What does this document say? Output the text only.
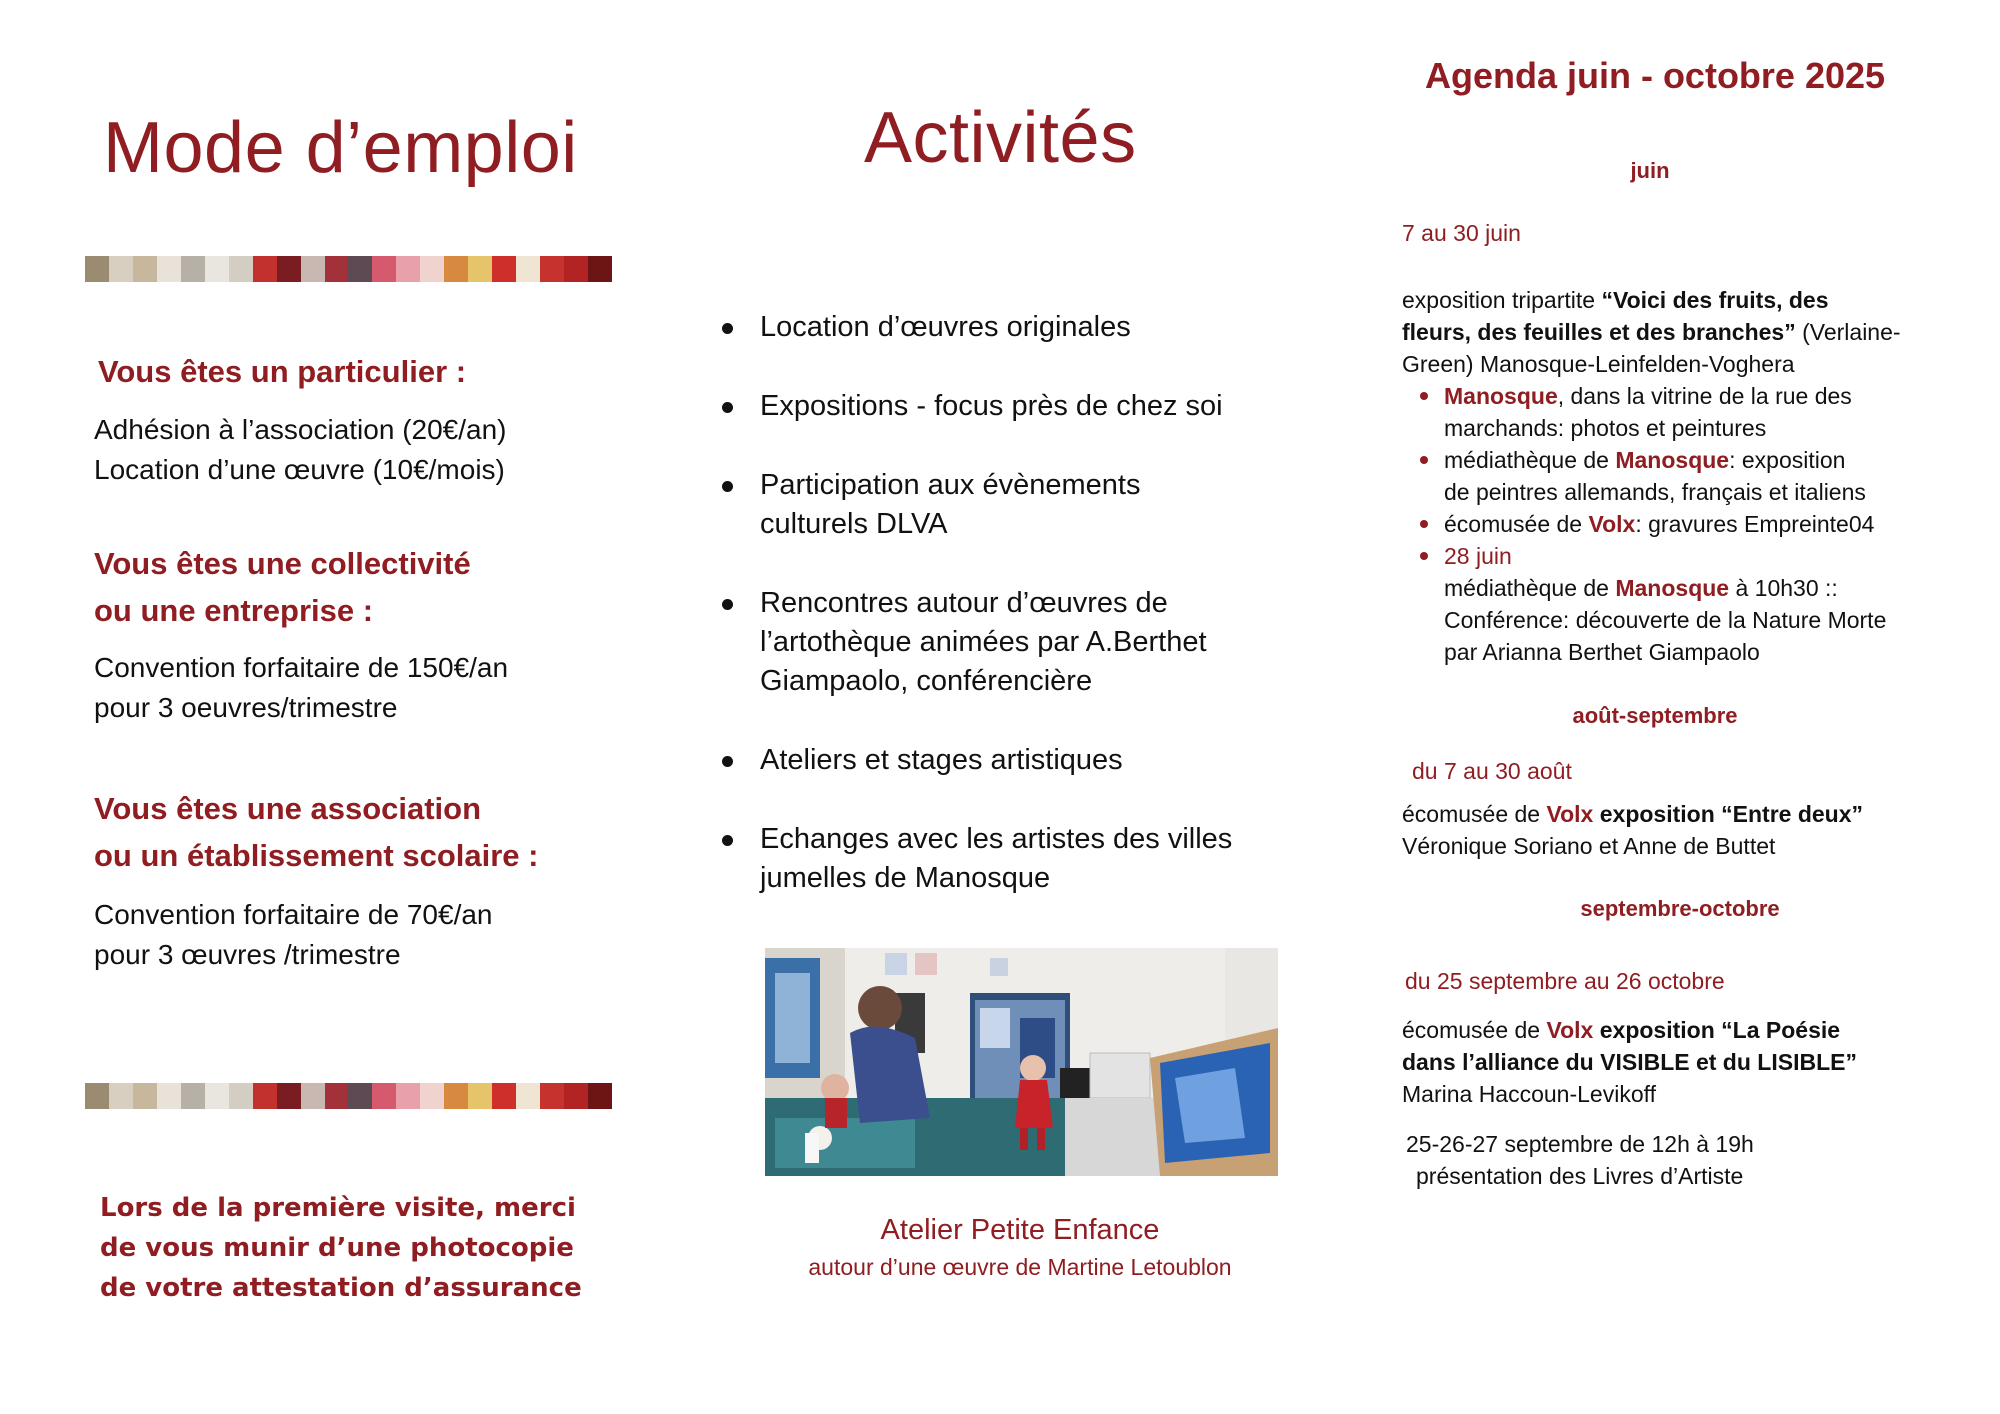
Mode d’emploi
Vous êtes un particulier :
Adhésion à l’association (20€/an)
Location d’une œuvre (10€/mois)
Vous êtes une collectivité
ou une entreprise :
Convention forfaitaire de 150€/an
pour 3 oeuvres/trimestre
Vous êtes une association
ou un établissement scolaire :
Convention forfaitaire de 70€/an
pour 3 œuvres /trimestre
Lors de la première visite, merci
de vous munir d’une photocopie
de votre attestation d’assurance
Activités
Location d’œuvres originales
Expositions - focus près de chez soi
Participation aux évènements
culturels DLVA
Rencontres autour d’œuvres de
l’artothèque animées par A.Berthet
Giampaolo, conférencière
Ateliers et stages artistiques
Echanges avec les artistes des villes
jumelles de Manosque
Atelier Petite Enfance
autour d’une œuvre de Martine Letoublon
Agenda juin - octobre 2025
juin
7 au 30 juin
exposition tripartite “Voici des fruits, des
fleurs, des feuilles et des branches” (Verlaine-
Green) Manosque-Leinfelden-Voghera
Manosque, dans la vitrine de la rue des
marchands: photos et peintures
médiathèque de Manosque: exposition
de peintres allemands, français et italiens
écomusée de Volx: gravures Empreinte04
28 juin
médiathèque de Manosque à 10h30 ::
Conférence: découverte de la Nature Morte
par Arianna Berthet Giampaolo
août-septembre
du 7 au 30 août
écomusée de Volx exposition “Entre deux”
Véronique Soriano et Anne de Buttet
septembre-octobre
du 25 septembre au 26 octobre
écomusée de Volx exposition “La Poésie
dans l’alliance du VISIBLE et du LISIBLE”
Marina Haccoun-Levikoff
25-26-27 septembre de 12h à 19h
présentation des Livres d’Artiste
